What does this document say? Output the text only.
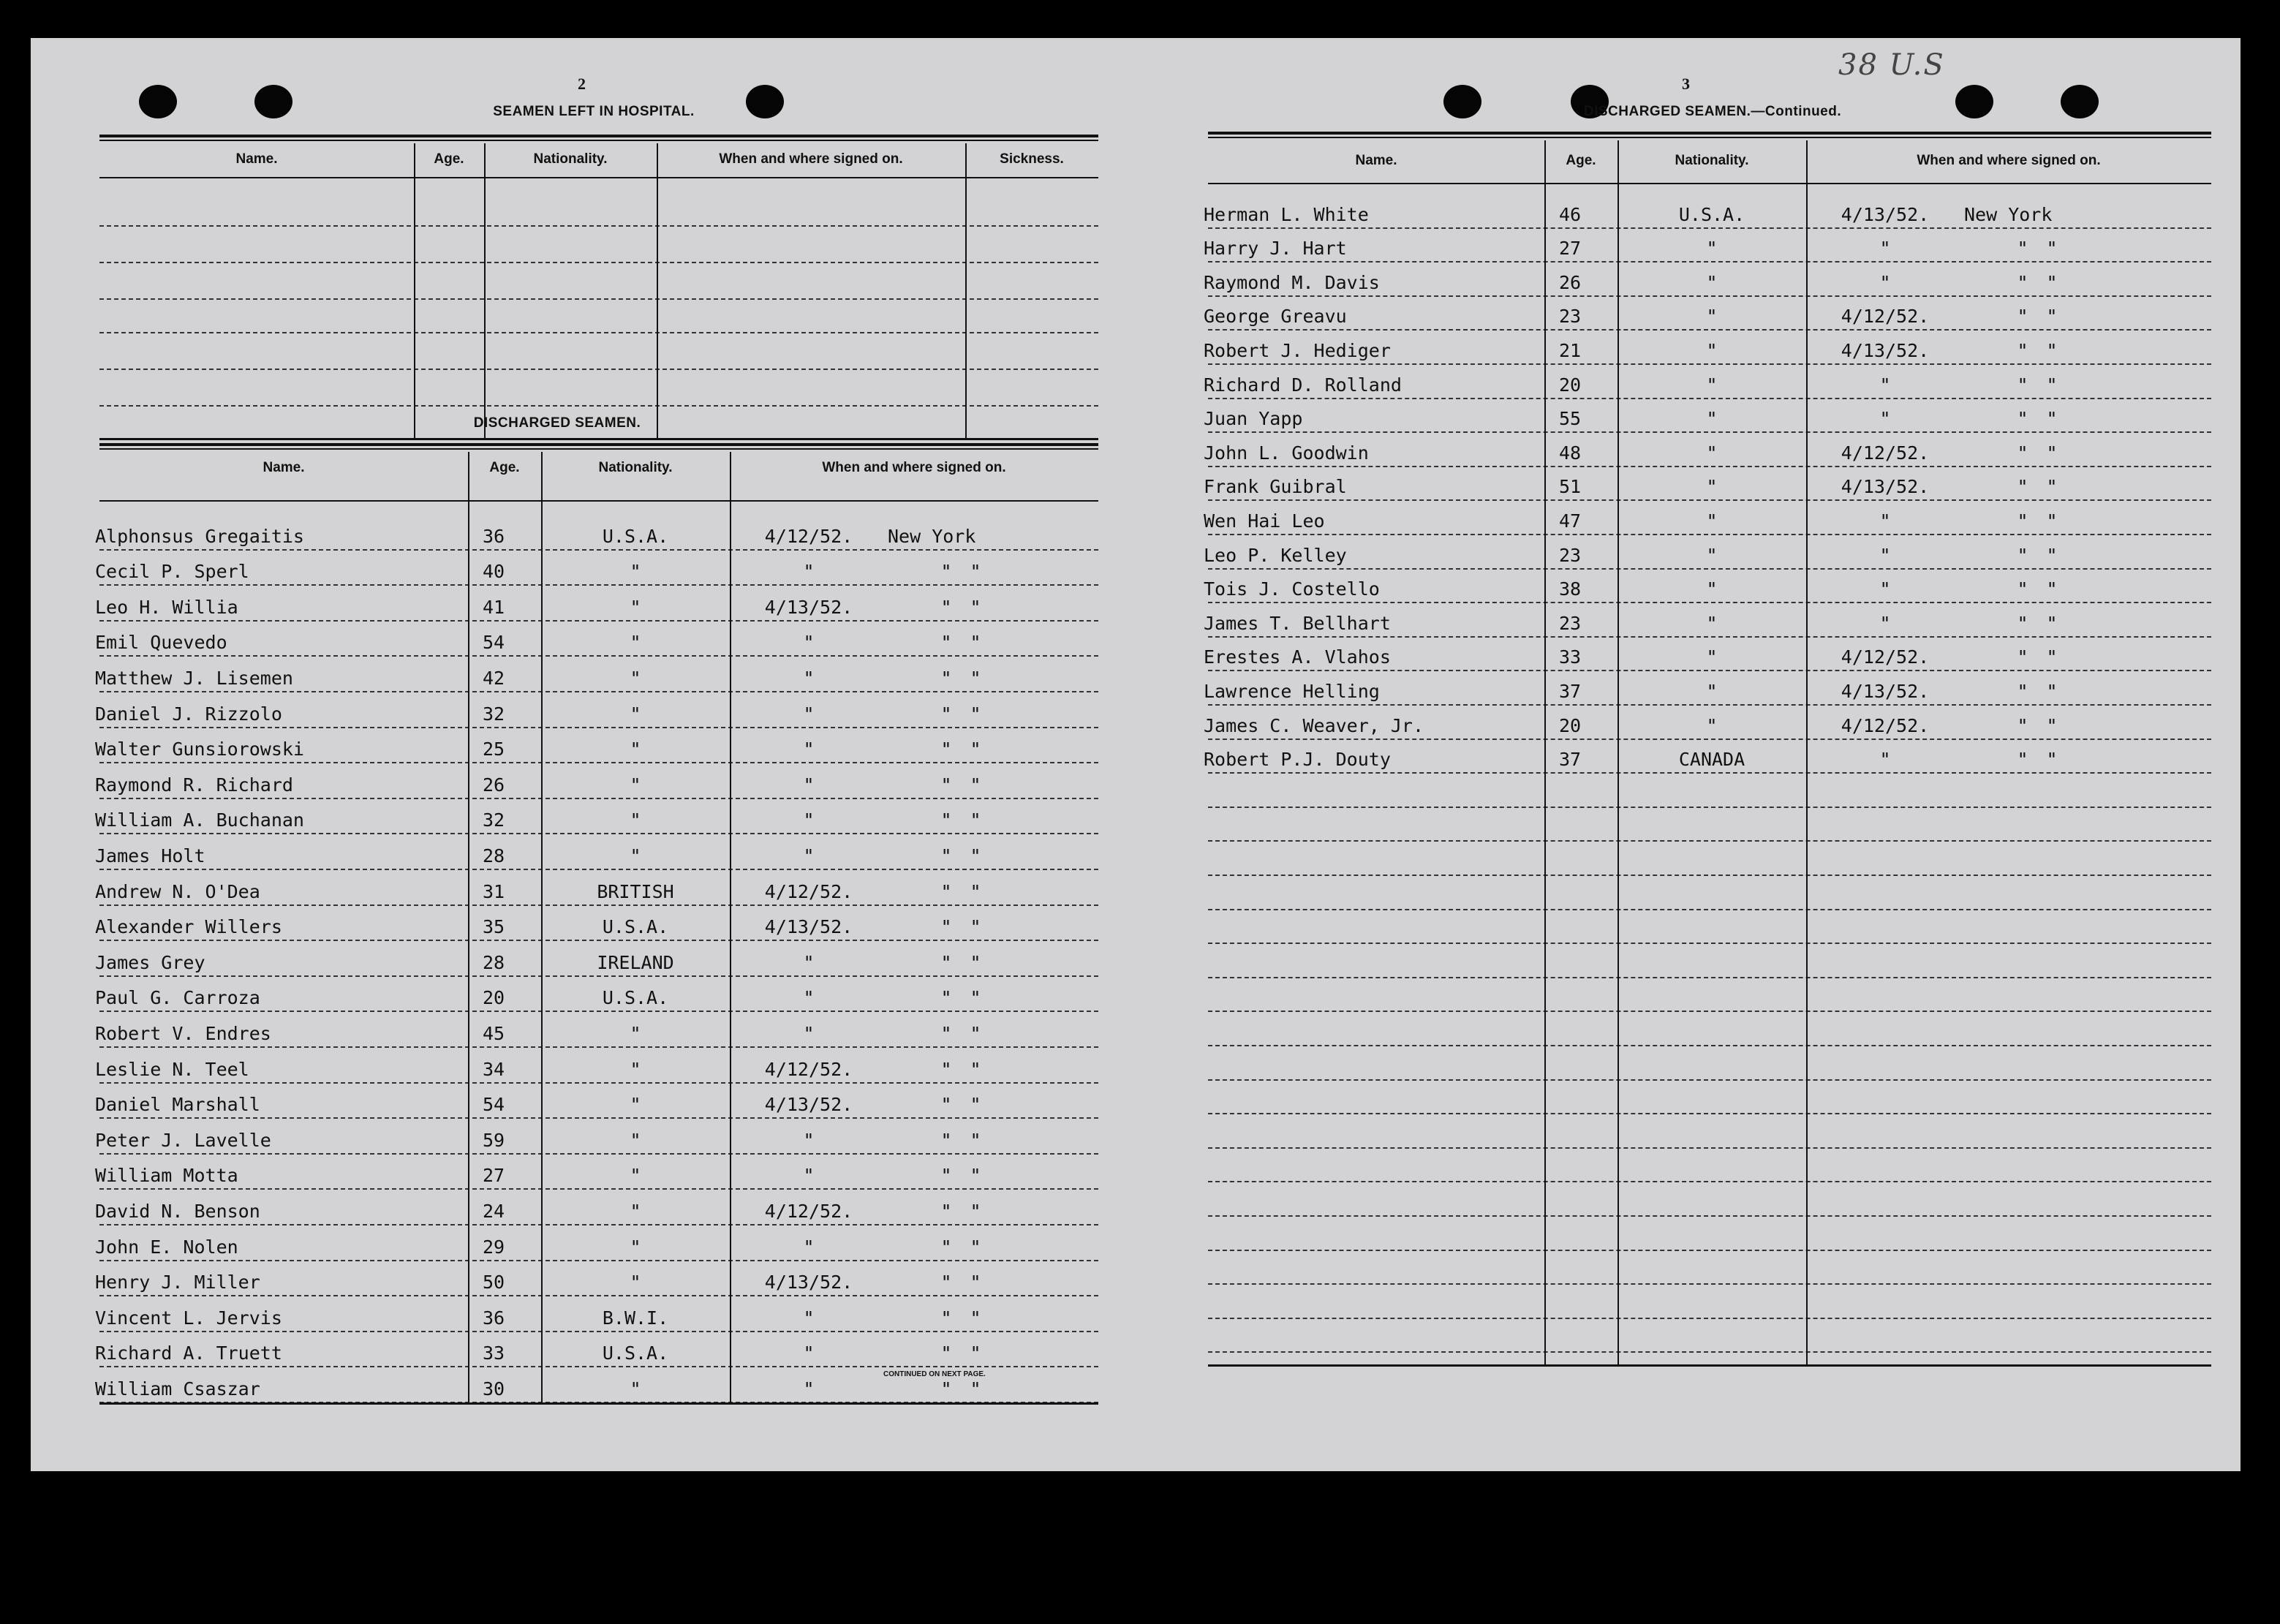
2
SEAMEN LEFT IN HOSPITAL.
Name.	Age.	Nationality.	When and where signed on.	Sickness.
DISCHARGED SEAMEN.
Name.	Age.	Nationality.	When and where signed on.
Alphonsus Gregaitis	36	U.S.A.	4/12/52.	New York
Cecil P. Sperl	40	"	"	" "
Leo H. Willia	41	"	4/13/52.	" "
Emil Quevedo	54	"	"	" "
Matthew J. Lisemen	42	"	"	" "
Daniel J. Rizzolo	32	"	"	" "
Walter Gunsiorowski	25	"	"	" "
Raymond R. Richard	26	"	"	" "
William A. Buchanan	32	"	"	" "
James Holt	28	"	"	" "
Andrew N. O'Dea	31	BRITISH	4/12/52.	" "
Alexander Willers	35	U.S.A.	4/13/52.	" "
James Grey	28	IRELAND	"	" "
Paul G. Carroza	20	U.S.A.	"	" "
Robert V. Endres	45	"	"	" "
Leslie N. Teel	34	"	4/12/52.	" "
Daniel Marshall	54	"	4/13/52.	" "
Peter J. Lavelle	59	"	"	" "
William Motta	27	"	"	" "
David N. Benson	24	"	4/12/52.	" "
John E. Nolen	29	"	"	" "
Henry J. Miller	50	"	4/13/52.	" "
Vincent L. Jervis	36	B.W.I.	"	" "
Richard A. Truett	33	U.S.A.	"	" "
William Csaszar	30	"	"	" "
CONTINUED ON NEXT PAGE.
3
38 U.S
DISCHARGED SEAMEN.—Continued.
Name.	Age.	Nationality.	When and where signed on.
Herman L. White	46	U.S.A.	4/13/52.	New York
Harry J. Hart	27	"	"	" "
Raymond M. Davis	26	"	"	" "
George Greavu	23	"	4/12/52.	" "
Robert J. Hediger	21	"	4/13/52.	" "
Richard D. Rolland	20	"	"	" "
Juan Yapp	55	"	"	" "
John L. Goodwin	48	"	4/12/52.	" "
Frank Guibral	51	"	4/13/52.	" "
Wen Hai Leo	47	"	"	" "
Leo P. Kelley	23	"	"	" "
Tois J. Costello	38	"	"	" "
James T. Bellhart	23	"	"	" "
Erestes A. Vlahos	33	"	4/12/52.	" "
Lawrence Helling	37	"	4/13/52.	" "
James C. Weaver, Jr.	20	"	4/12/52.	" "
Robert P.J. Douty	37	CANADA	"	" "
